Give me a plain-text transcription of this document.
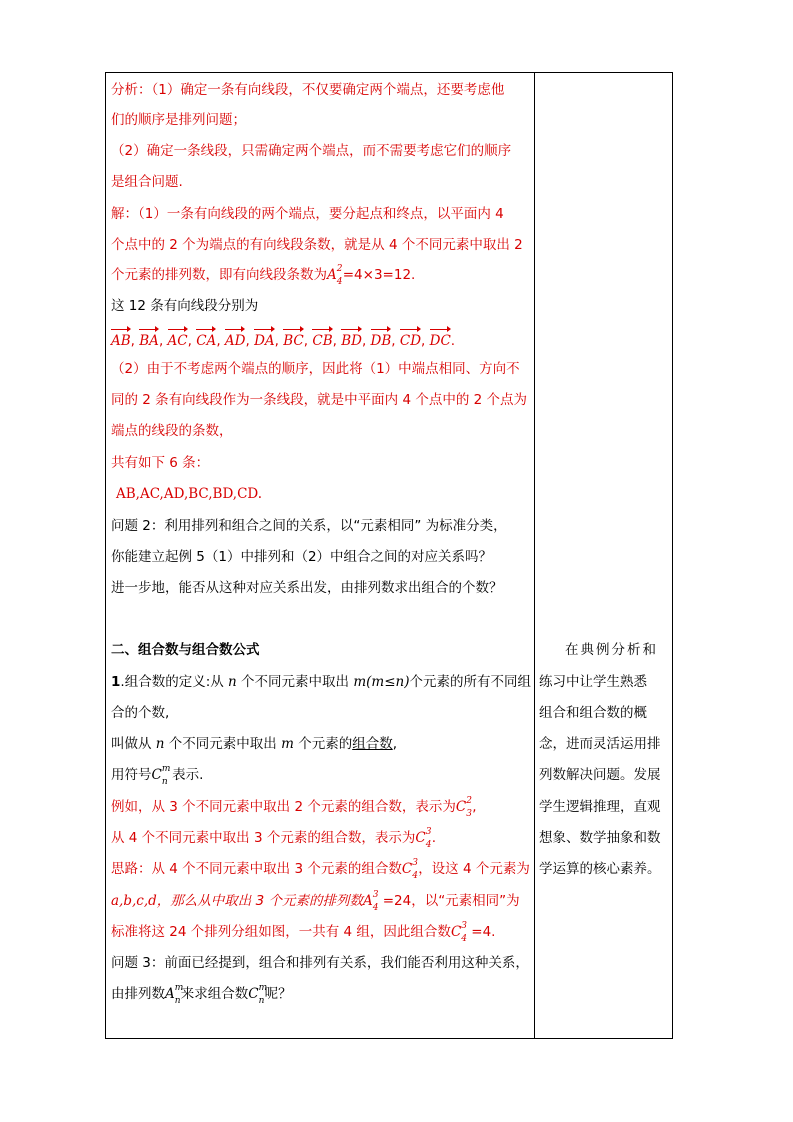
分析：（1）确定一条有向线段，不仅要确定两个端点，还要考虑他
们的顺序是排列问题；
（2）确定一条线段，只需确定两个端点，而不需要考虑它们的顺序
是组合问题.
解：（1）一条有向线段的两个端点，要分起点和终点，以平面内 4
个点中的 2 个为端点的有向线段条数，就是从 4 个不同元素中取出 2
个元素的排列数，即有向线段条数为A 2
4 =4×3=12.
这 12 条有向线段分别为
AB, BA, AC, CA, AD, DA, BC, CB, BD, DB, CD, DC.
（2）由于不考虑两个端点的顺序，因此将（1）中端点相同、方向不
同的 2 条有向线段作为一条线段，就是中平面内 4 个点中的 2 个点为
端点的线段的条数，
共有如下 6 条：
AB,AC,AD,BC,BD,CD.
问题 2：利用排列和组合之间的关系，以“元素相同” 为标准分类，
你能建立起例 5（1）中排列和（2）中组合之间的对应关系吗？
进一步地，能否从这种对应关系出发，由排列数求出组合的个数？
二、组合数与组合数公式
1.组合数的定义:从 n 个不同元素中取出 m(m≤n)个元素的所有不同组
合的个数,
叫做从 n 个不同元素中取出 m 个元素的组合数,
用符号C m
n 表示.
例如，从 3 个不同元素中取出 2 个元素的组合数，表示为C 2
3 ,
从 4 个不同元素中取出 3 个元素的组合数，表示为C 3
4 .
思路：从 4 个不同元素中取出 3 个元素的组合数C 3
4 ，设这 4 个元素为
a,b,c,d，那么从中取出 3 个元素的排列数A 3
4 =24，以“元素相同”为
标准将这 24 个排列分组如图，一共有 4 组，因此组合数C 3
4 =4.
问题 3：前面已经提到，组合和排列有关系，我们能否利用这种关系，
由排列数A m
n 来求组合数C m
n 呢？
在典例分析和
练习中让学生熟悉
组合和组合数的概
念，进而灵活运用排
列数解决问题。发展
学生逻辑推理，直观
想象、数学抽象和数
学运算的核心素养。
